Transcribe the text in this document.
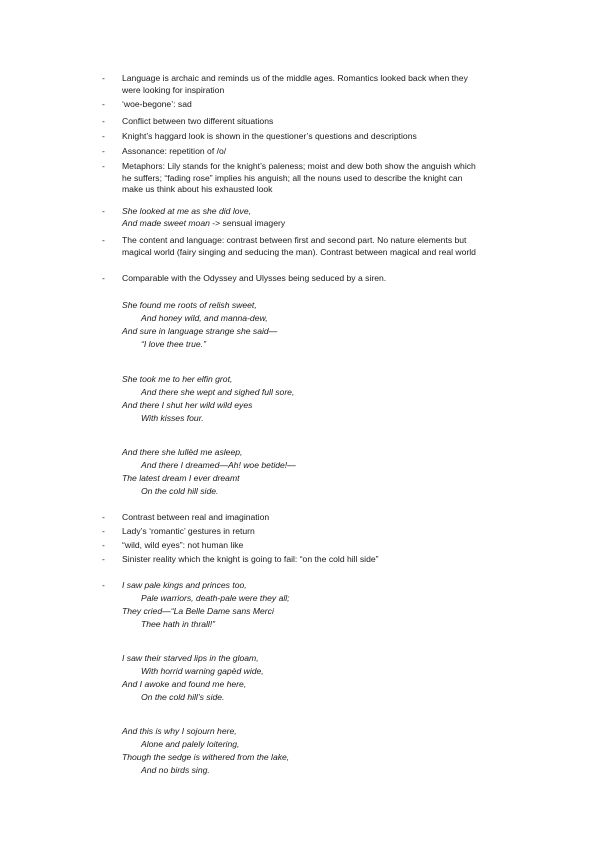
- Language is archaic and reminds us of the middle ages. Romantics looked back when they were looking for inspiration
- ‘woe-begone’: sad
- Conflict between two different situations
- Knight’s haggard look is shown in the questioner’s questions and descriptions
- Assonance: repetition of /o/
- Metaphors: Lily stands for the knight’s paleness; moist and dew both show the anguish which he suffers; “fading rose” implies his anguish; all the nouns used to describe the knight can make us think about his exhausted look
- She looked at me as she did love,
And made sweet moan -> sensual imagery
- The content and language: contrast between first and second part. No nature elements but magical world (fairy singing and seducing the man). Contrast between magical and real world
- Comparable with the Odyssey and Ulysses being seduced by a siren.
She found me roots of relish sweet,
And honey wild, and manna-dew,
And sure in language strange she said—
“I love thee true.”
She took me to her elfin grot,
And there she wept and sighed full sore,
And there I shut her wild wild eyes
With kisses four.
And there she lullèd me asleep,
And there I dreamed—Ah! woe betide!—
The latest dream I ever dreamt
On the cold hill side.
- Contrast between real and imagination
- Lady’s ‘romantic’ gestures in return
- “wild, wild eyes”: not human like
- Sinister reality which the knight is going to fail: “on the cold hill side”
- I saw pale kings and princes too,
Pale warriors, death-pale were they all;
They cried—“La Belle Dame sans Merci
Thee hath in thrall!”
I saw their starved lips in the gloam,
With horrid warning gapèd wide,
And I awoke and found me here,
On the cold hill’s side.
And this is why I sojourn here,
Alone and palely loitering,
Though the sedge is withered from the lake,
And no birds sing.
